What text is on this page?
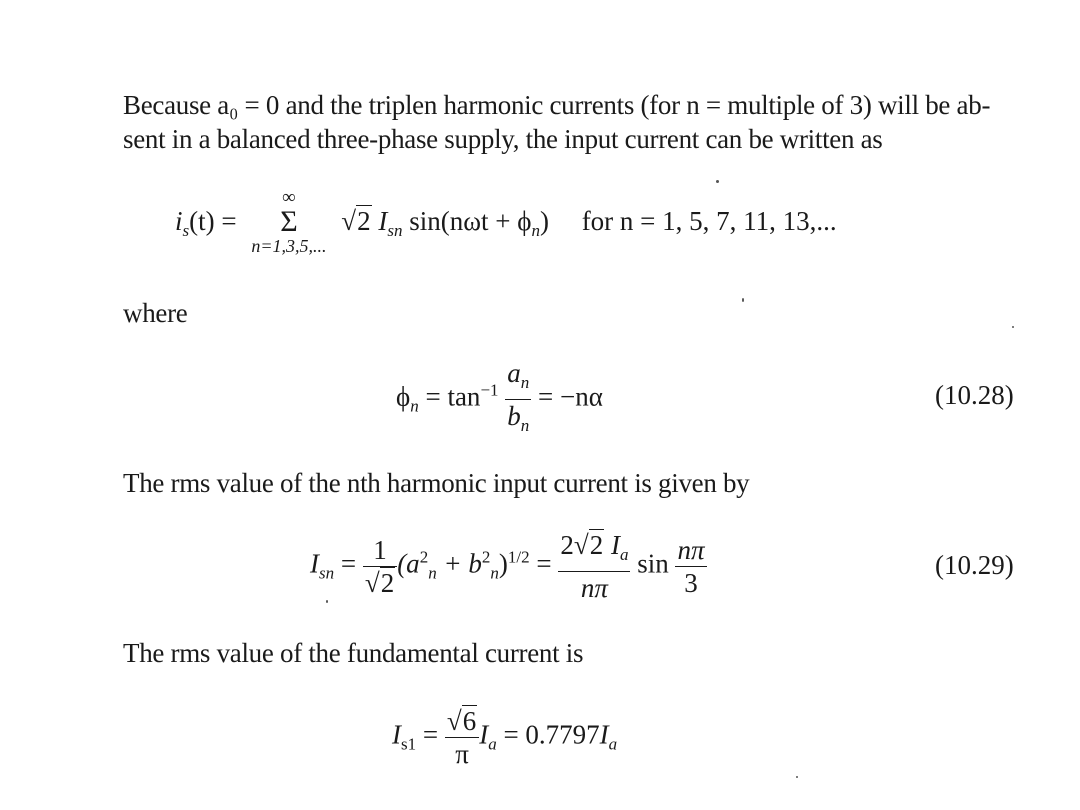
Because a₀ = 0 and the triplen harmonic currents (for n = multiple of 3) will be ab-
sent in a balanced three-phase supply, the input current can be written as
$i_s(t)$ =
∞
Σ
n=1,3,5,...
√2 $I_{sn}$ $\sin(n\omega t + \phi_n)$ for n = 1, 5, 7, 11, 13,...
where
$\phi_n = \tan^{-1} \frac{a_n}{b_n} = -n\alpha$	(10.28)
The rms value of the nth harmonic input current is given by
$I_{sn} = \frac{1}{√2} (a^2_n + b^2_n)^{1/2} = \frac{2√2 I_a}{n\pi}$ $\sin \frac{n\pi}{3}$	(10.29)
The rms value of the fundamental current is
$I_{s1} = \frac{√6}{\pi} I_a = 0.7797I_a$
